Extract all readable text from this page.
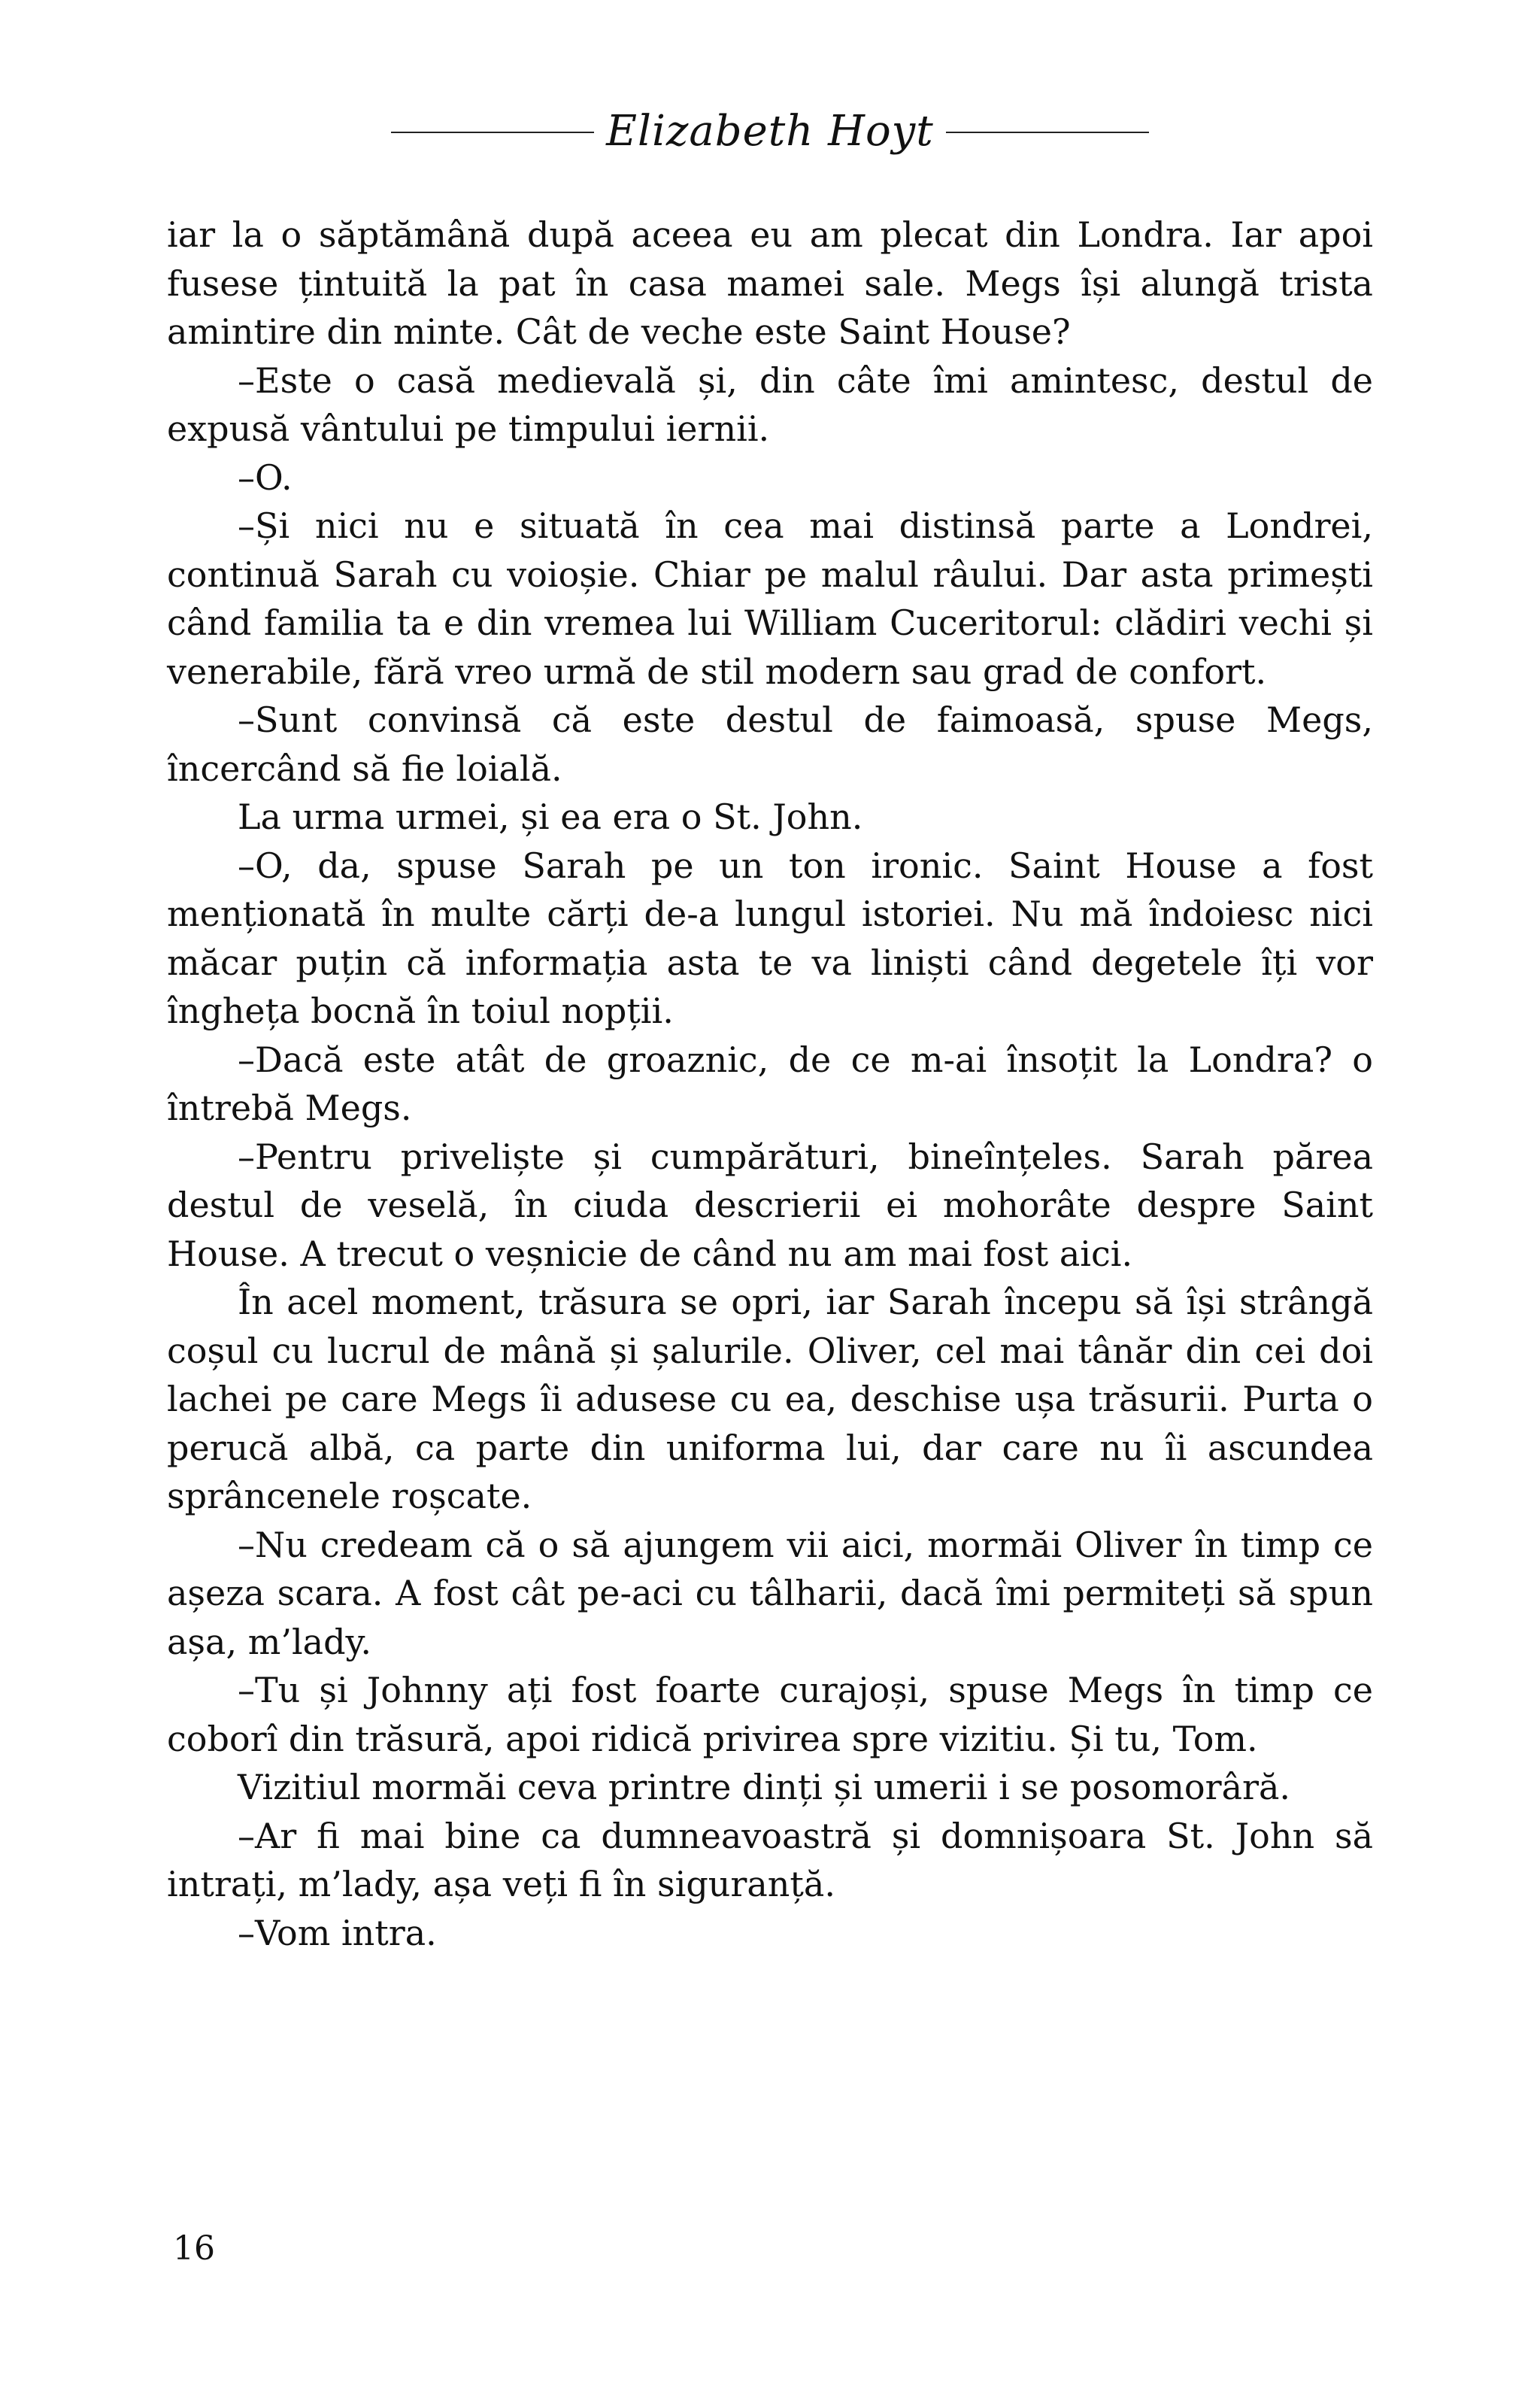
Elizabeth Hoyt

iar la o săptămână după aceea eu am plecat din Londra. Iar apoi fusese țintuită la pat în casa mamei sale. Megs își alungă trista amintire din minte. Cât de veche este Saint House?

–Este o casă medievală și, din câte îmi amintesc, destul de expusă vântului pe timpului iernii.

–O.

–Și nici nu e situată în cea mai distinsă parte a Londrei, continuă Sarah cu voioșie. Chiar pe malul râului. Dar asta primești când familia ta e din vremea lui William Cuceritorul: clădiri vechi și venerabile, fără vreo urmă de stil modern sau grad de confort.

–Sunt convinsă că este destul de faimoasă, spuse Megs, încercând să fie loială.

La urma urmei, și ea era o St. John.

–O, da, spuse Sarah pe un ton ironic. Saint House a fost menționată în multe cărți de-a lungul istoriei. Nu mă îndoiesc nici măcar puțin că informația asta te va liniști când degetele îți vor îngheța bocnă în toiul nopții.

–Dacă este atât de groaznic, de ce m-ai însoțit la Londra? o întrebă Megs.

–Pentru priveliște și cumpărături, bineînțeles. Sarah părea destul de veselă, în ciuda descrierii ei mohorâte despre Saint House. A trecut o veșnicie de când nu am mai fost aici.

În acel moment, trăsura se opri, iar Sarah începu să își strângă coșul cu lucrul de mână și șalurile. Oliver, cel mai tânăr din cei doi lachei pe care Megs îi adusese cu ea, deschise ușa trăsurii. Purta o perucă albă, ca parte din uniforma lui, dar care nu îi ascundea sprâncenele roșcate.

–Nu credeam că o să ajungem vii aici, mormăi Oliver în timp ce așeza scara. A fost cât pe-aci cu tâlharii, dacă îmi permiteți să spun așa, m’lady.

–Tu și Johnny ați fost foarte curajoși, spuse Megs în timp ce coborî din trăsură, apoi ridică privirea spre vizitiu. Și tu, Tom.

Vizitiul mormăi ceva printre dinți și umerii i se posomorâră.

–Ar fi mai bine ca dumneavoastră și domnișoara St. John să intrați, m’lady, așa veți fi în siguranță.

–Vom intra.

16
